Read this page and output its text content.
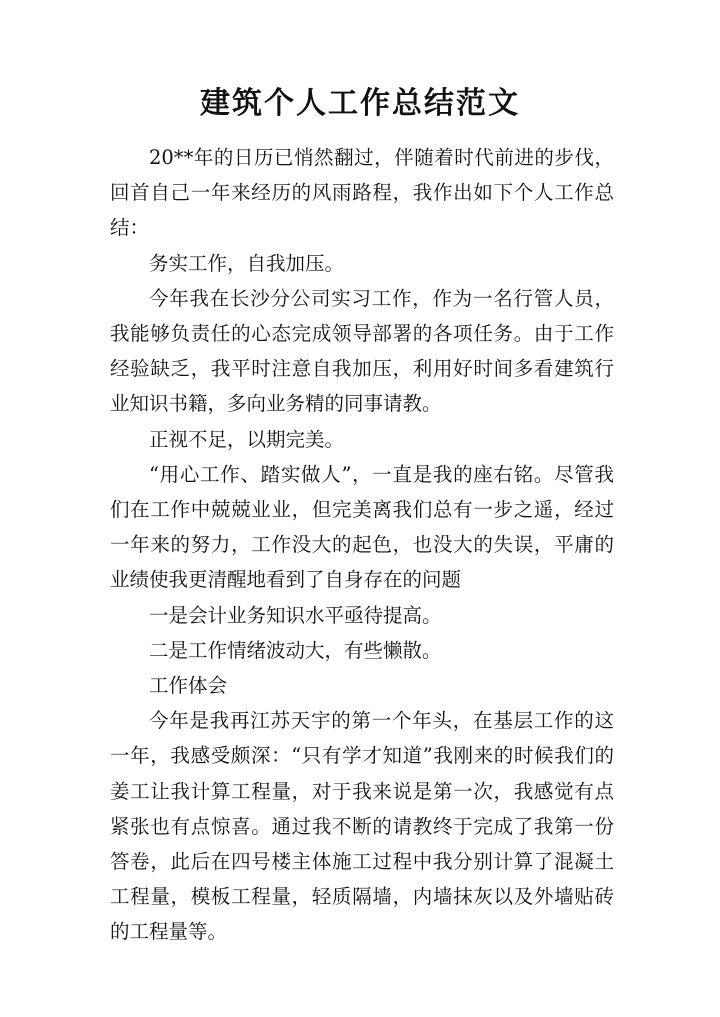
建筑个人工作总结范文

20**年的日历已悄然翻过，伴随着时代前进的步伐，回首自己一年来经历的风雨路程，我作出如下个人工作总结：

务实工作，自我加压。

今年我在长沙分公司实习工作，作为一名行管人员，我能够负责任的心态完成领导部署的各项任务。由于工作经验缺乏，我平时注意自我加压，利用好时间多看建筑行业知识书籍，多向业务精的同事请教。

正视不足，以期完美。

“用心工作、踏实做人”，一直是我的座右铭。尽管我们在工作中兢兢业业，但完美离我们总有一步之遥，经过一年来的努力，工作没大的起色，也没大的失误，平庸的业绩使我更清醒地看到了自身存在的问题

一是会计业务知识水平亟待提高。

二是工作情绪波动大，有些懒散。

工作体会

今年是我再江苏天宇的第一个年头，在基层工作的这一年，我感受颇深：“只有学才知道”我刚来的时候我们的姜工让我计算工程量，对于我来说是第一次，我感觉有点紧张也有点惊喜。通过我不断的请教终于完成了我第一份答卷，此后在四号楼主体施工过程中我分别计算了混凝土工程量，模板工程量，轻质隔墙，内墙抹灰以及外墙贴砖的工程量等。
